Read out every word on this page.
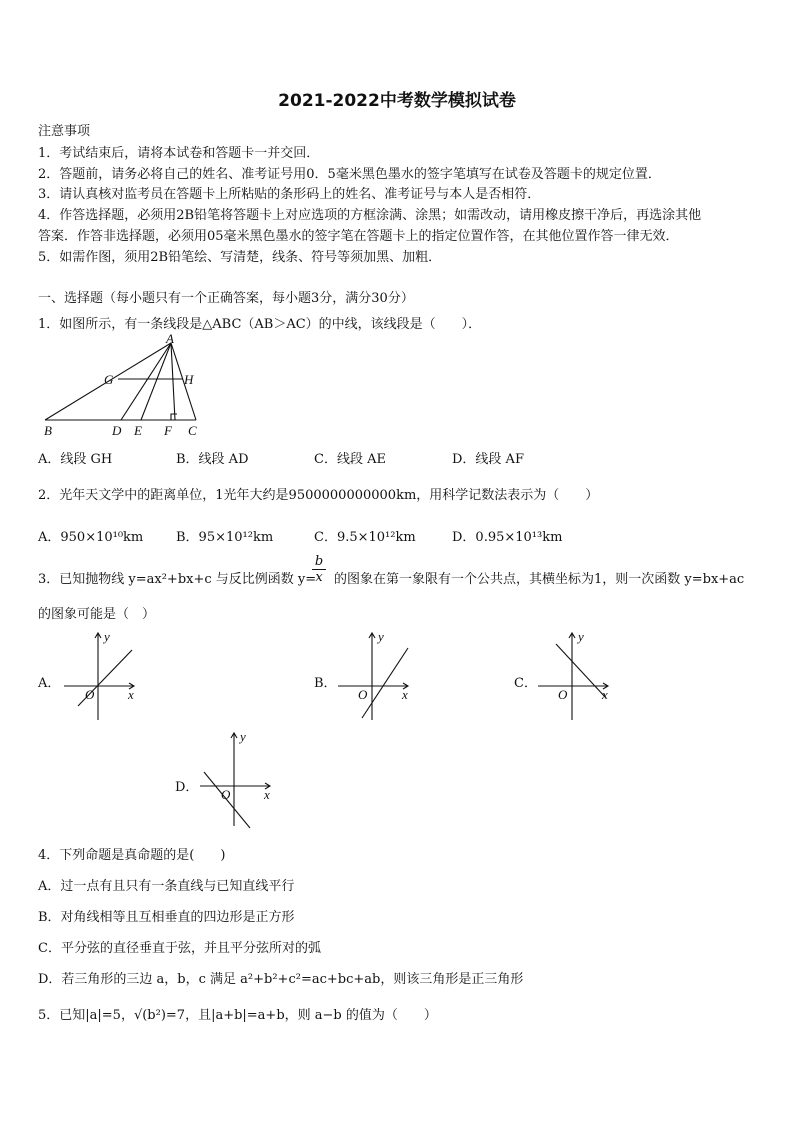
2021-2022中考数学模拟试卷
注意事项
1．考试结束后，请将本试卷和答题卡一并交回．
2．答题前，请务必将自己的姓名、准考证号用0．5毫米黑色墨水的签字笔填写在试卷及答题卡的规定位置．
3．请认真核对监考员在答题卡上所粘贴的条形码上的姓名、准考证号与本人是否相符．
4．作答选择题，必须用2B铅笔将答题卡上对应选项的方框涂满、涂黑；如需改动，请用橡皮擦干净后，再选涂其他
答案．作答非选择题，必须用05毫米黑色墨水的签字笔在答题卡上的指定位置作答，在其他位置作答一律无效．
5．如需作图，须用2B铅笔绘、写清楚，线条、符号等须加黑、加粗．
一、选择题（每小题只有一个正确答案，每小题3分，满分30分）
1．如图所示，有一条线段是△ABC（AB＞AC）的中线，该线段是（　　）．
A
G	H
B	D E F C
A．线段 GH	B．线段 AD	C．线段 AE	D．线段 AF
2．光年天文学中的距离单位，1光年大约是9500000000000km，用科学记数法表示为（　　）
A．950×10¹⁰km	B．95×10¹²km	C．9.5×10¹²km	D．0.95×10¹³km
3．已知抛物线 y=ax²+bx+c 与反比例函数 y=
$\frac{b}{x}$ 的图象在第一象限有一个公共点，其横坐标为1，则一次函数 y=bx+ac
的图象可能是（　）
A．
y
x
O
B．
y
x
O
C．
y
x
O
D．
y
x
O
4．下列命题是真命题的是(　　)
A．过一点有且只有一条直线与已知直线平行
B．对角线相等且互相垂直的四边形是正方形
C．平分弦的直径垂直于弦，并且平分弦所对的弧
D．若三角形的三边 a，b，c 满足 a²+b²+c²=ac+bc+ab，则该三角形是正三角形
5．已知|a|=5，√(b²)=7，且|a+b|=a+b，则 a−b 的值为（　　）
